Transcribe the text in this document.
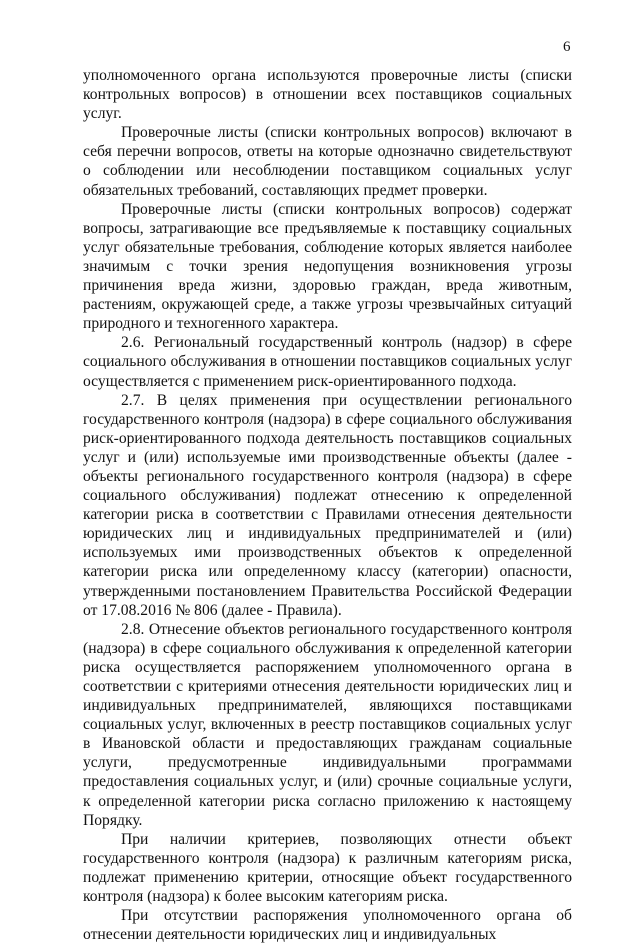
6

уполномоченного органа используются проверочные листы (списки контрольных вопросов) в отношении всех поставщиков социальных услуг.

Проверочные листы (списки контрольных вопросов) включают в себя перечни вопросов, ответы на которые однозначно свидетельствуют о соблюдении или несоблюдении поставщиком социальных услуг обязательных требований, составляющих предмет проверки.

Проверочные листы (списки контрольных вопросов) содержат вопросы, затрагивающие все предъявляемые к поставщику социальных услуг обязательные требования, соблюдение которых является наиболее значимым с точки зрения недопущения возникновения угрозы причинения вреда жизни, здоровью граждан, вреда животным, растениям, окружающей среде, а также угрозы чрезвычайных ситуаций природного и техногенного характера.

2.6. Региональный государственный контроль (надзор) в сфере социального обслуживания в отношении поставщиков социальных услуг осуществляется с применением риск-ориентированного подхода.

2.7. В целях применения при осуществлении регионального государственного контроля (надзора) в сфере социального обслуживания риск-ориентированного подхода деятельность поставщиков социальных услуг и (или) используемые ими производственные объекты (далее - объекты регионального государственного контроля (надзора) в сфере социального обслуживания) подлежат отнесению к определенной категории риска в соответствии с Правилами отнесения деятельности юридических лиц и индивидуальных предпринимателей и (или) используемых ими производственных объектов к определенной категории риска или определенному классу (категории) опасности, утвержденными постановлением Правительства Российской Федерации от 17.08.2016 № 806 (далее - Правила).

2.8. Отнесение объектов регионального государственного контроля (надзора) в сфере социального обслуживания к определенной категории риска осуществляется распоряжением уполномоченного органа в соответствии с критериями отнесения деятельности юридических лиц и индивидуальных предпринимателей, являющихся поставщиками социальных услуг, включенных в реестр поставщиков социальных услуг в Ивановской области и предоставляющих гражданам социальные услуги, предусмотренные индивидуальными программами предоставления социальных услуг, и (или) срочные социальные услуги, к определенной категории риска согласно приложению к настоящему Порядку.

При наличии критериев, позволяющих отнести объект государственного контроля (надзора) к различным категориям риска, подлежат применению критерии, относящие объект государственного контроля (надзора) к более высоким категориям риска.

При отсутствии распоряжения уполномоченного органа об отнесении деятельности юридических лиц и индивидуальных
